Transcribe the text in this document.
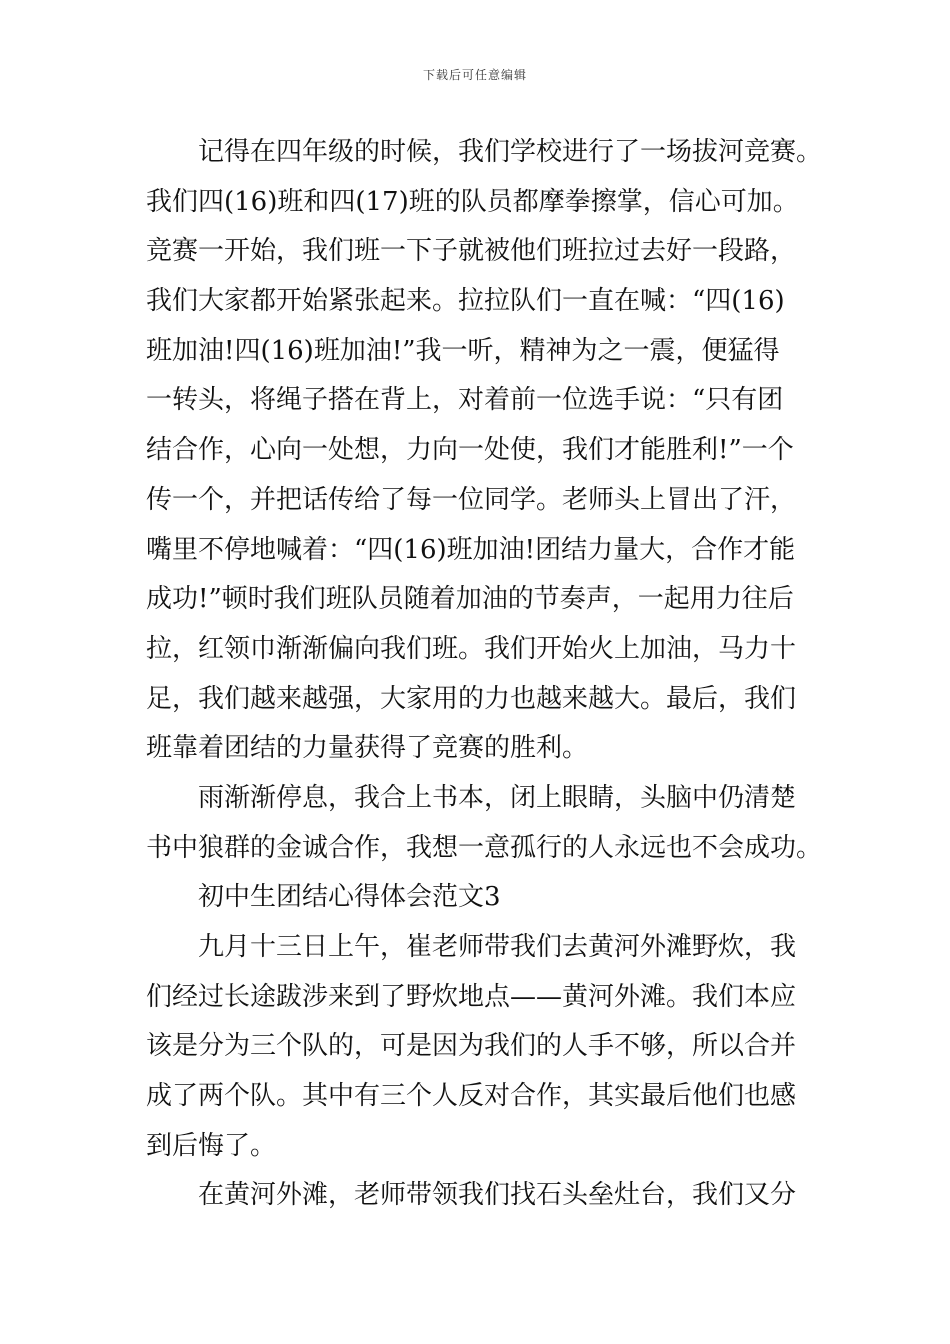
下载后可任意编辑
记得在四年级的时候，我们学校进行了一场拔河竞赛。
我们四(16)班和四(17)班的队员都摩拳擦掌，信心可加。
竞赛一开始，我们班一下子就被他们班拉过去好一段路，
我们大家都开始紧张起来。拉拉队们一直在喊：“四(16)
班加油!四(16)班加油!”我一听，精神为之一震，便猛得
一转头，将绳子搭在背上，对着前一位选手说：“只有团
结合作，心向一处想，力向一处使，我们才能胜利!”一个
传一个，并把话传给了每一位同学。老师头上冒出了汗，
嘴里不停地喊着：“四(16)班加油!团结力量大，合作才能
成功!”顿时我们班队员随着加油的节奏声，一起用力往后
拉，红领巾渐渐偏向我们班。我们开始火上加油，马力十
足，我们越来越强，大家用的力也越来越大。最后，我们
班靠着团结的力量获得了竞赛的胜利。
雨渐渐停息，我合上书本，闭上眼睛，头脑中仍清楚
书中狼群的金诚合作，我想一意孤行的人永远也不会成功。
初中生团结心得体会范文3
九月十三日上午，崔老师带我们去黄河外滩野炊，我
们经过长途跋涉来到了野炊地点——黄河外滩。我们本应
该是分为三个队的，可是因为我们的人手不够，所以合并
成了两个队。其中有三个人反对合作，其实最后他们也感
到后悔了。
在黄河外滩，老师带领我们找石头垒灶台，我们又分
